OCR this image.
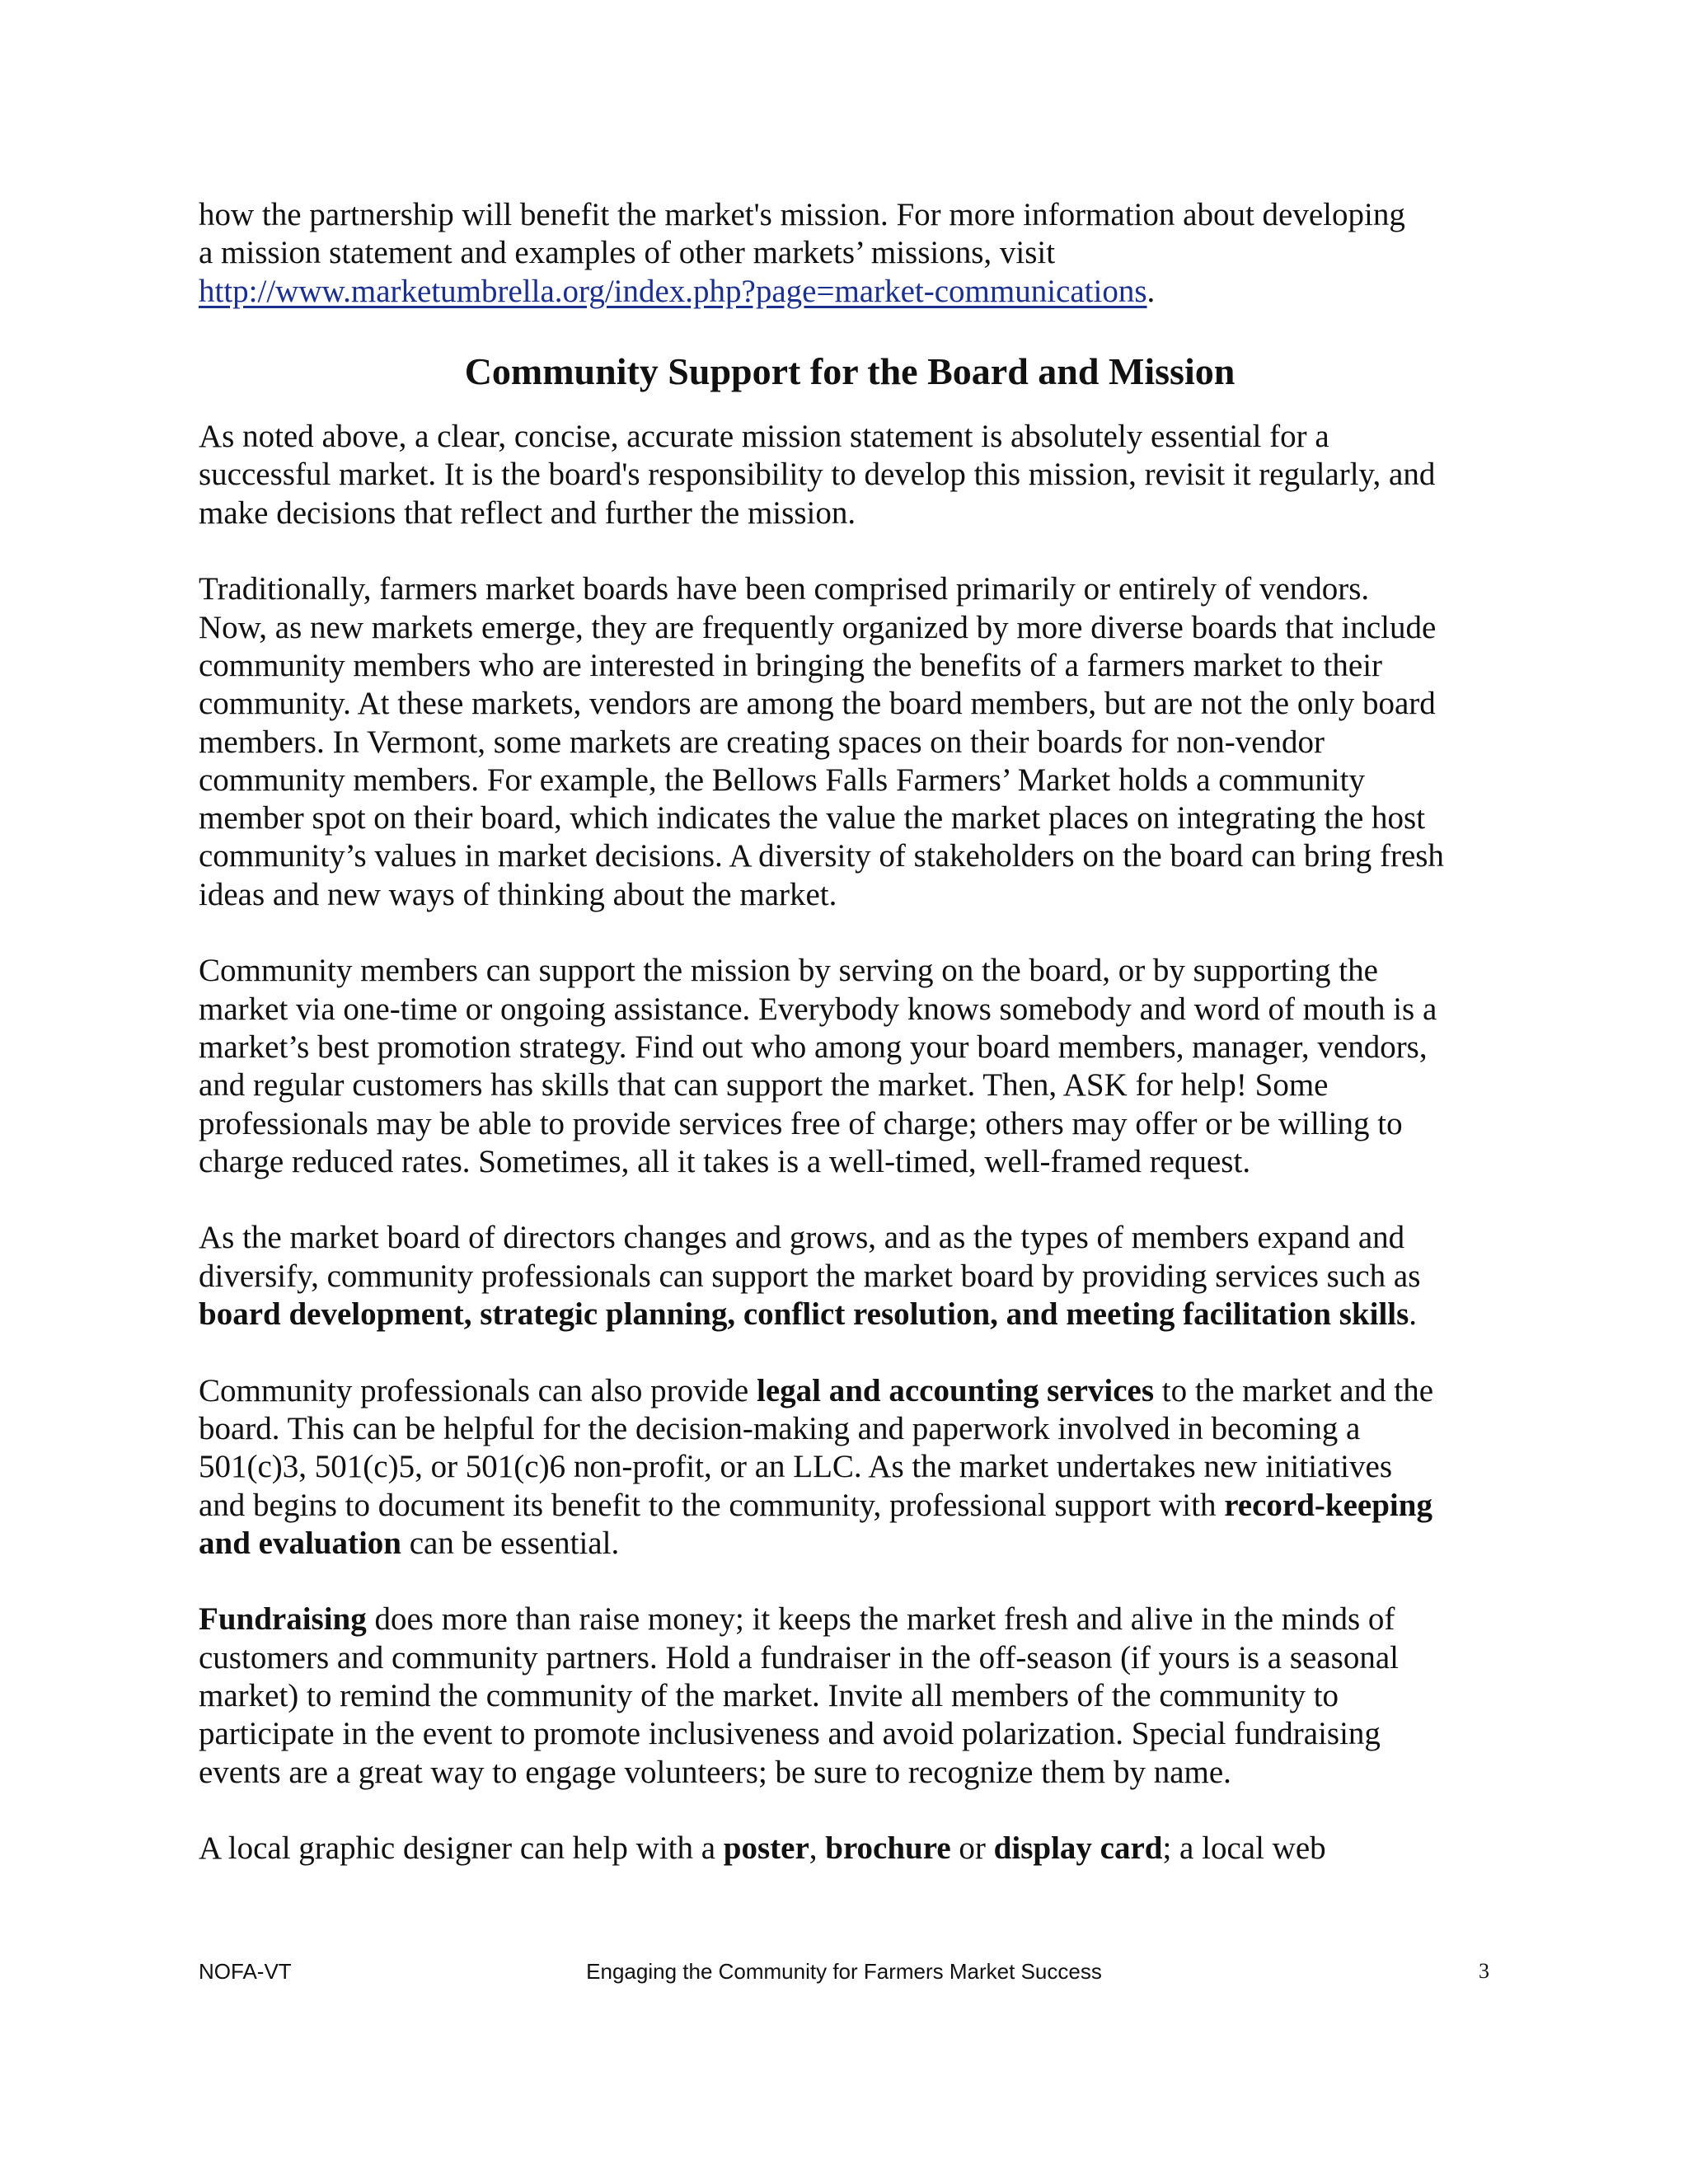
how the partnership will benefit the market's mission. For more information about developing
a mission statement and examples of other markets’ missions, visit
http://www.marketumbrella.org/index.php?page=market-communications.

Community Support for the Board and Mission

As noted above, a clear, concise, accurate mission statement is absolutely essential for a
successful market. It is the board's responsibility to develop this mission, revisit it regularly, and
make decisions that reflect and further the mission.

Traditionally, farmers market boards have been comprised primarily or entirely of vendors.
Now, as new markets emerge, they are frequently organized by more diverse boards that include
community members who are interested in bringing the benefits of a farmers market to their
community. At these markets, vendors are among the board members, but are not the only board
members. In Vermont, some markets are creating spaces on their boards for non-vendor
community members. For example, the Bellows Falls Farmers’ Market holds a community
member spot on their board, which indicates the value the market places on integrating the host
community’s values in market decisions. A diversity of stakeholders on the board can bring fresh
ideas and new ways of thinking about the market.

Community members can support the mission by serving on the board, or by supporting the
market via one-time or ongoing assistance. Everybody knows somebody and word of mouth is a
market’s best promotion strategy. Find out who among your board members, manager, vendors,
and regular customers has skills that can support the market. Then, ASK for help! Some
professionals may be able to provide services free of charge; others may offer or be willing to
charge reduced rates. Sometimes, all it takes is a well-timed, well-framed request.

As the market board of directors changes and grows, and as the types of members expand and
diversify, community professionals can support the market board by providing services such as
board development, strategic planning, conflict resolution, and meeting facilitation skills.

Community professionals can also provide legal and accounting services to the market and the
board. This can be helpful for the decision-making and paperwork involved in becoming a
501(c)3, 501(c)5, or 501(c)6 non-profit, or an LLC. As the market undertakes new initiatives
and begins to document its benefit to the community, professional support with record-keeping
and evaluation can be essential.

Fundraising does more than raise money; it keeps the market fresh and alive in the minds of
customers and community partners. Hold a fundraiser in the off-season (if yours is a seasonal
market) to remind the community of the market. Invite all members of the community to
participate in the event to promote inclusiveness and avoid polarization. Special fundraising
events are a great way to engage volunteers; be sure to recognize them by name.

A local graphic designer can help with a poster, brochure or display card; a local web

NOFA-VT	Engaging the Community for Farmers Market Success	3
